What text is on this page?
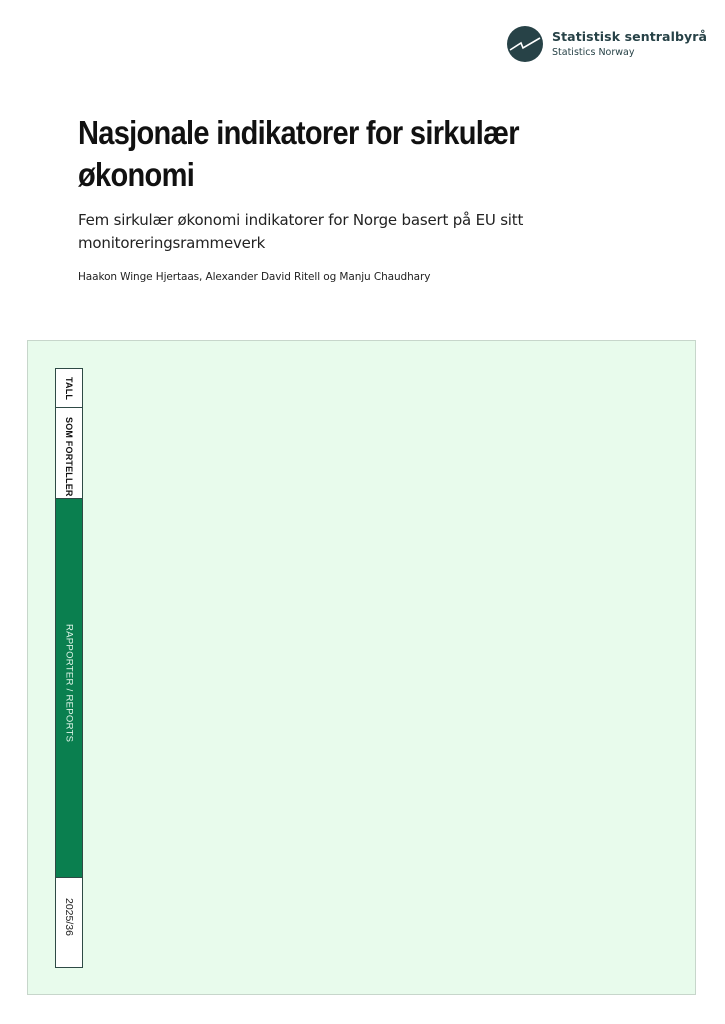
Statistisk sentralbyrå
Statistics Norway
Nasjonale indikatorer for sirkulær økonomi
Fem sirkulær økonomi indikatorer for Norge basert på EU sitt monitoreringsrammeverk

Haakon Winge Hjertaas, Alexander David Ritell og Manju Chaudhary

TALL
SOM FORTELLER
RAPPORTER / REPORTS
2025/36
